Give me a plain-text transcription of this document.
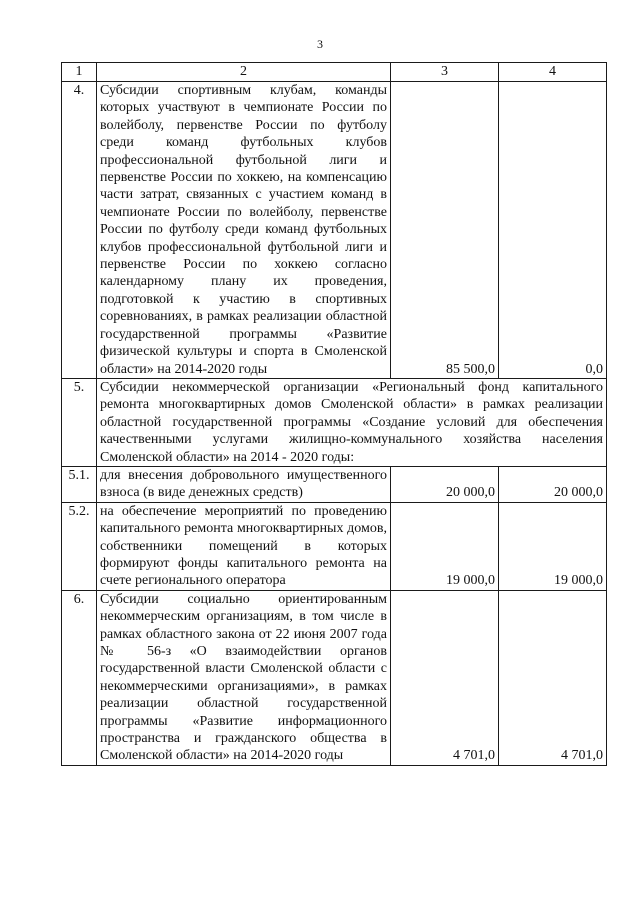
3
1	2	3	4
4.	Субсидии спортивным клубам, команды которых участвуют в чемпионате России по волейболу, первенстве России по футболу среди команд футбольных клубов профессиональной футбольной лиги и первенстве России по хоккею, на компенсацию части затрат, связанных с участием команд в чемпионате России по волейболу, первенстве России по футболу среди команд футбольных клубов профессиональной футбольной лиги и первенстве России по хоккею согласно календарному плану их проведения, подготовкой к участию в спортивных соревнованиях, в рамках реализации областной государственной программы «Развитие физической культуры и спорта в Смоленской области» на 2014-2020 годы	85 500,0	0,0
5.	Субсидии некоммерческой организации «Региональный фонд капитального ремонта многоквартирных домов Смоленской области» в рамках реализации областной государственной программы «Создание условий для обеспечения качественными услугами жилищно-коммунального хозяйства населения Смоленской области» на 2014 - 2020 годы:		
5.1.	для внесения добровольного имущественного взноса (в виде денежных средств)	20 000,0	20 000,0
5.2.	на обеспечение мероприятий по проведению капитального ремонта многоквартирных домов, собственники помещений в которых формируют фонды капитального ремонта на счете регионального оператора	19 000,0	19 000,0
6.	Субсидии социально ориентированным некоммерческим организациям, в том числе в рамках областного закона от 22 июня 2007 года № 56-з «О взаимодействии органов государственной власти Смоленской области с некоммерческими организациями», в рамках реализации областной государственной программы «Развитие информационного пространства и гражданского общества в Смоленской области» на 2014-2020 годы	4 701,0	4 701,0
